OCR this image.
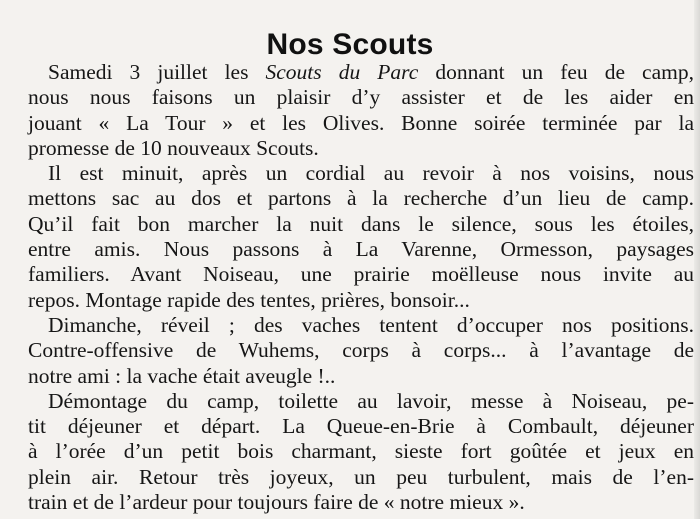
Nos Scouts
Samedi 3 juillet les Scouts du Parc donnant un feu de camp,
nous nous faisons un plaisir d’y assister et de les aider en
jouant « La Tour » et les Olives. Bonne soirée terminée par la
promesse de 10 nouveaux Scouts.
Il est minuit, après un cordial au revoir à nos voisins, nous
mettons sac au dos et partons à la recherche d’un lieu de camp.
Qu’il fait bon marcher la nuit dans le silence, sous les étoiles,
entre amis. Nous passons à La Varenne, Ormesson, paysages
familiers. Avant Noiseau, une prairie moëlleuse nous invite au
repos. Montage rapide des tentes, prières, bonsoir...
Dimanche, réveil ; des vaches tentent d’occuper nos positions.
Contre-offensive de Wuhems, corps à corps... à l’avantage de
notre ami : la vache était aveugle !..
Démontage du camp, toilette au lavoir, messe à Noiseau, pe-
tit déjeuner et départ. La Queue-en-Brie à Combault, déjeuner
à l’orée d’un petit bois charmant, sieste fort goûtée et jeux en
plein air. Retour très joyeux, un peu turbulent, mais de l’en-
train et de l’ardeur pour toujours faire de « notre mieux ».
